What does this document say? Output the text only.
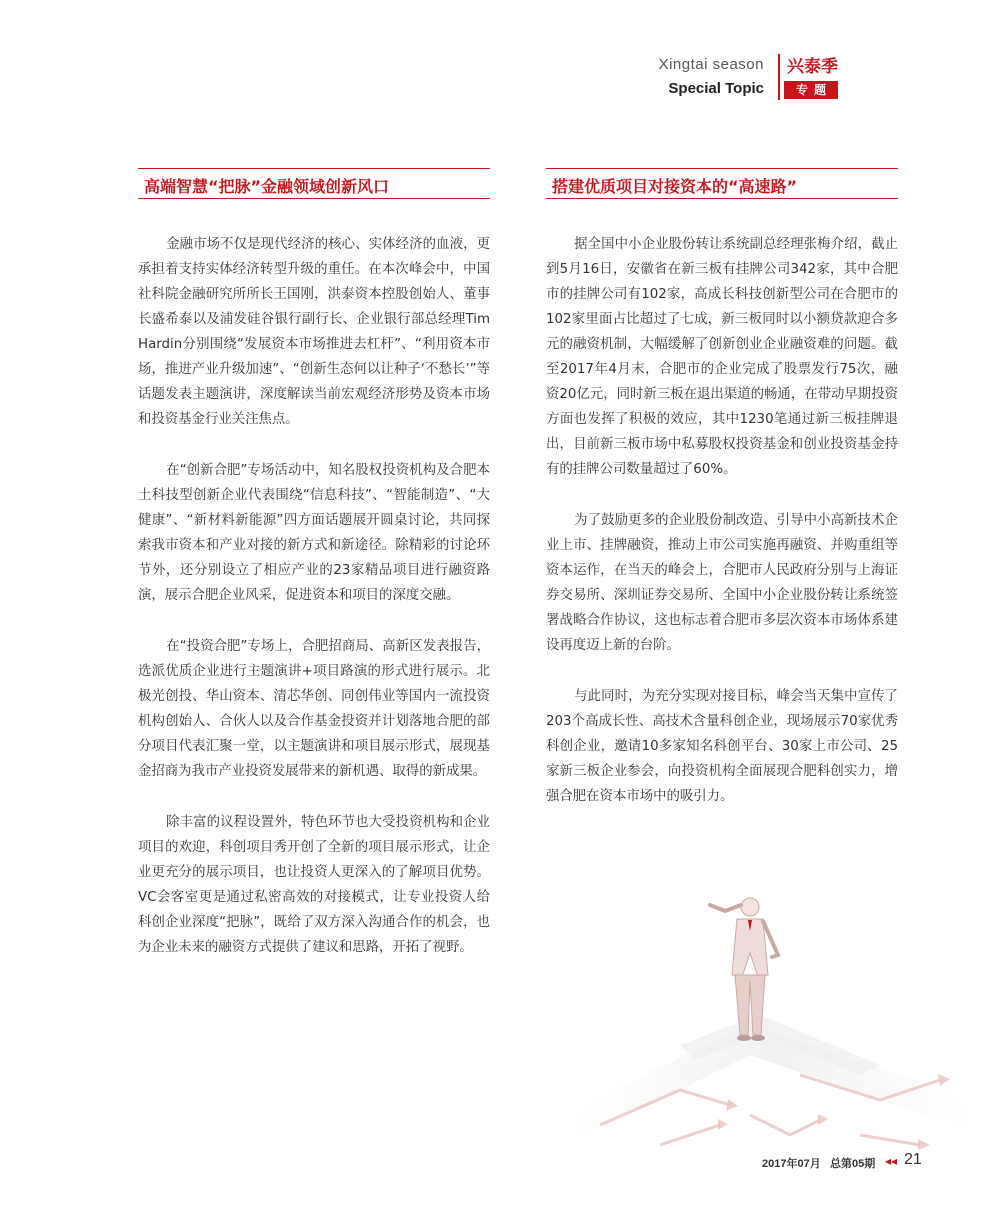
Xingtai season
Special Topic
兴泰季
专题
高端智慧“把脉”金融领域创新风口

金融市场不仅是现代经济的核心、实体经济的血液，更承担着支持实体经济转型升级的重任。在本次峰会中，中国社科院金融研究所所长王国刚，洪泰资本控股创始人、董事长盛希泰以及浦发硅谷银行副行长、企业银行部总经理Tim Hardin分别围绕“发展资本市场推进去杠杆”、“利用资本市场，推进产业升级加速”、“创新生态何以让种子‘不愁长’”等话题发表主题演讲，深度解读当前宏观经济形势及资本市场和投资基金行业关注焦点。

在“创新合肥”专场活动中，知名股权投资机构及合肥本土科技型创新企业代表围绕“信息科技”、“智能制造”、“大健康”、“新材料新能源”四方面话题展开圆桌讨论，共同探索我市资本和产业对接的新方式和新途径。除精彩的讨论环节外，还分别设立了相应产业的23家精品项目进行融资路演，展示合肥企业风采，促进资本和项目的深度交融。

在“投资合肥”专场上，合肥招商局、高新区发表报告，选派优质企业进行主题演讲+项目路演的形式进行展示。北极光创投、华山资本、清芯华创、同创伟业等国内一流投资机构创始人、合伙人以及合作基金投资并计划落地合肥的部分项目代表汇聚一堂，以主题演讲和项目展示形式，展现基金招商为我市产业投资发展带来的新机遇、取得的新成果。

除丰富的议程设置外，特色环节也大受投资机构和企业项目的欢迎，科创项目秀开创了全新的项目展示形式，让企业更充分的展示项目，也让投资人更深入的了解项目优势。VC会客室更是通过私密高效的对接模式，让专业投资人给科创企业深度“把脉”，既给了双方深入沟通合作的机会，也为企业未来的融资方式提供了建议和思路，开拓了视野。

搭建优质项目对接资本的“高速路”

据全国中小企业股份转让系统副总经理张梅介绍，截止到5月16日，安徽省在新三板有挂牌公司342家，其中合肥市的挂牌公司有102家，高成长科技创新型公司在合肥市的102家里面占比超过了七成，新三板同时以小额贷款迎合多元的融资机制，大幅缓解了创新创业企业融资难的问题。截至2017年4月末，合肥市的企业完成了股票发行75次，融资20亿元，同时新三板在退出渠道的畅通，在带动早期投资方面也发挥了积极的效应，其中1230笔通过新三板挂牌退出，目前新三板市场中私募股权投资基金和创业投资基金持有的挂牌公司数量超过了60%。

为了鼓励更多的企业股份制改造、引导中小高新技术企业上市、挂牌融资，推动上市公司实施再融资、并购重组等资本运作，在当天的峰会上，合肥市人民政府分别与上海证券交易所、深圳证券交易所、全国中小企业股份转让系统签署战略合作协议，这也标志着合肥市多层次资本市场体系建设再度迈上新的台阶。

与此同时，为充分实现对接目标，峰会当天集中宣传了203个高成长性、高技术含量科创企业，现场展示70家优秀科创企业，邀请10多家知名科创平台、30家上市公司、25家新三板企业参会，向投资机构全面展现合肥科创实力，增强合肥在资本市场中的吸引力。

2017年07月 总第05期 ◂◂ 21
